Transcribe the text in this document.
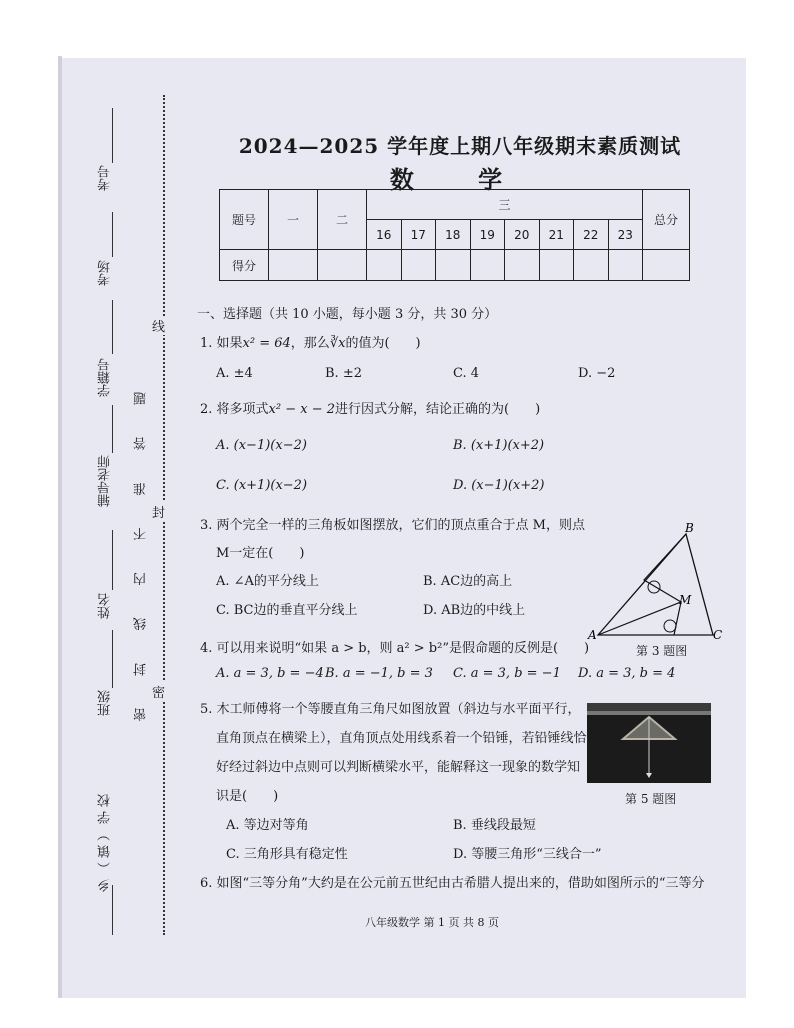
考号
考场
学籍号
辅导老师
姓名
班级
乡（镇）学校
密 封 线 内 不 准 答 题
线
封
密
2024—2025 学年度上期八年级期末素质测试
数 学
题号	一	二	三								总分
			16	17	18	19	20	21	22	23	
得分											
一、选择题（共 10 小题，每小题 3 分，共 30 分）
1. 如果x² = 64，那么∛x的值为(　　)
A. ±4	B. ±2	C. 4	D. −2
2. 将多项式x² − x − 2进行因式分解，结论正确的为(　　)
A. (x−1)(x−2)	B. (x+1)(x+2)
C. (x+1)(x−2)	D. (x−1)(x+2)
3. 两个完全一样的三角板如图摆放，它们的顶点重合于点 M，则点
M一定在(　　)
A. ∠A的平分线上	B. AC边的高上
C. BC边的垂直平分线上	D. AB边的中线上
A
B
C
M
第 3 题图
4. 可以用来说明“如果 a > b，则 a² > b²”是假命题的反例是(　　)
A. a = 3, b = −4 B. a = −1, b = 3 C. a = 3, b = −1 D. a = 3, b = 4
5. 木工师傅将一个等腰直角三角尺如图放置（斜边与水平面平行，
直角顶点在横梁上），直角顶点处用线系着一个铅锤，若铅锤线恰
好经过斜边中点则可以判断横梁水平，能解释这一现象的数学知
识是(　　)
A. 等边对等角	B. 垂线段最短
C. 三角形具有稳定性	D. 等腰三角形“三线合一”
第 5 题图
6. 如图“三等分角”大约是在公元前五世纪由古希腊人提出来的，借助如图所示的“三等分
八年级数学 第 1 页 共 8 页
